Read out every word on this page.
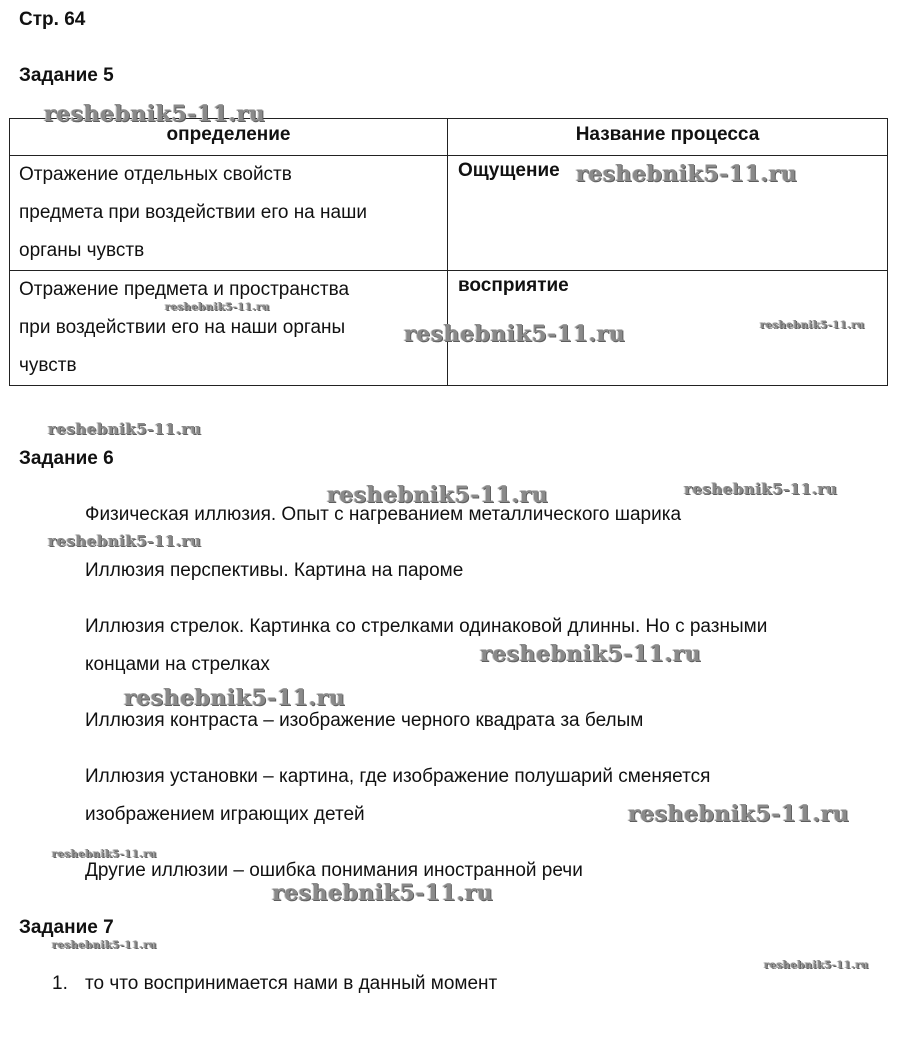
Стр. 64
Задание 5
определение	Название процесса

Отражение отдельных свойств
предмета при воздействии его на наши
органы чувств	Ощущение

Отражение предмета и пространства
при воздействии его на наши органы
чувств	восприятие
Задание 6
Физическая иллюзия. Опыт с нагреванием металлического шарика
Иллюзия перспективы. Картина на пароме
Иллюзия стрелок. Картинка со стрелками одинаковой длинны. Но с разными
концами на стрелках
Иллюзия контраста – изображение черного квадрата за белым
Иллюзия установки – картина, где изображение полушарий сменяется
изображением играющих детей
Другие иллюзии – ошибка понимания иностранной речи
Задание 7
1. то что воспринимается нами в данный момент
reshebnik5-11.ru
reshebnik5-11.ru
reshebnik5-11.ru
reshebnik5-11.ru	reshebnik5-11.ru
reshebnik5-11.ru
reshebnik5-11.ru	reshebnik5-11.ru
reshebnik5-11.ru
reshebnik5-11.ru
reshebnik5-11.ru
reshebnik5-11.ru
reshebnik5-11.ru
reshebnik5-11.ru
reshebnik5-11.ru
reshebnik5-11.ru
